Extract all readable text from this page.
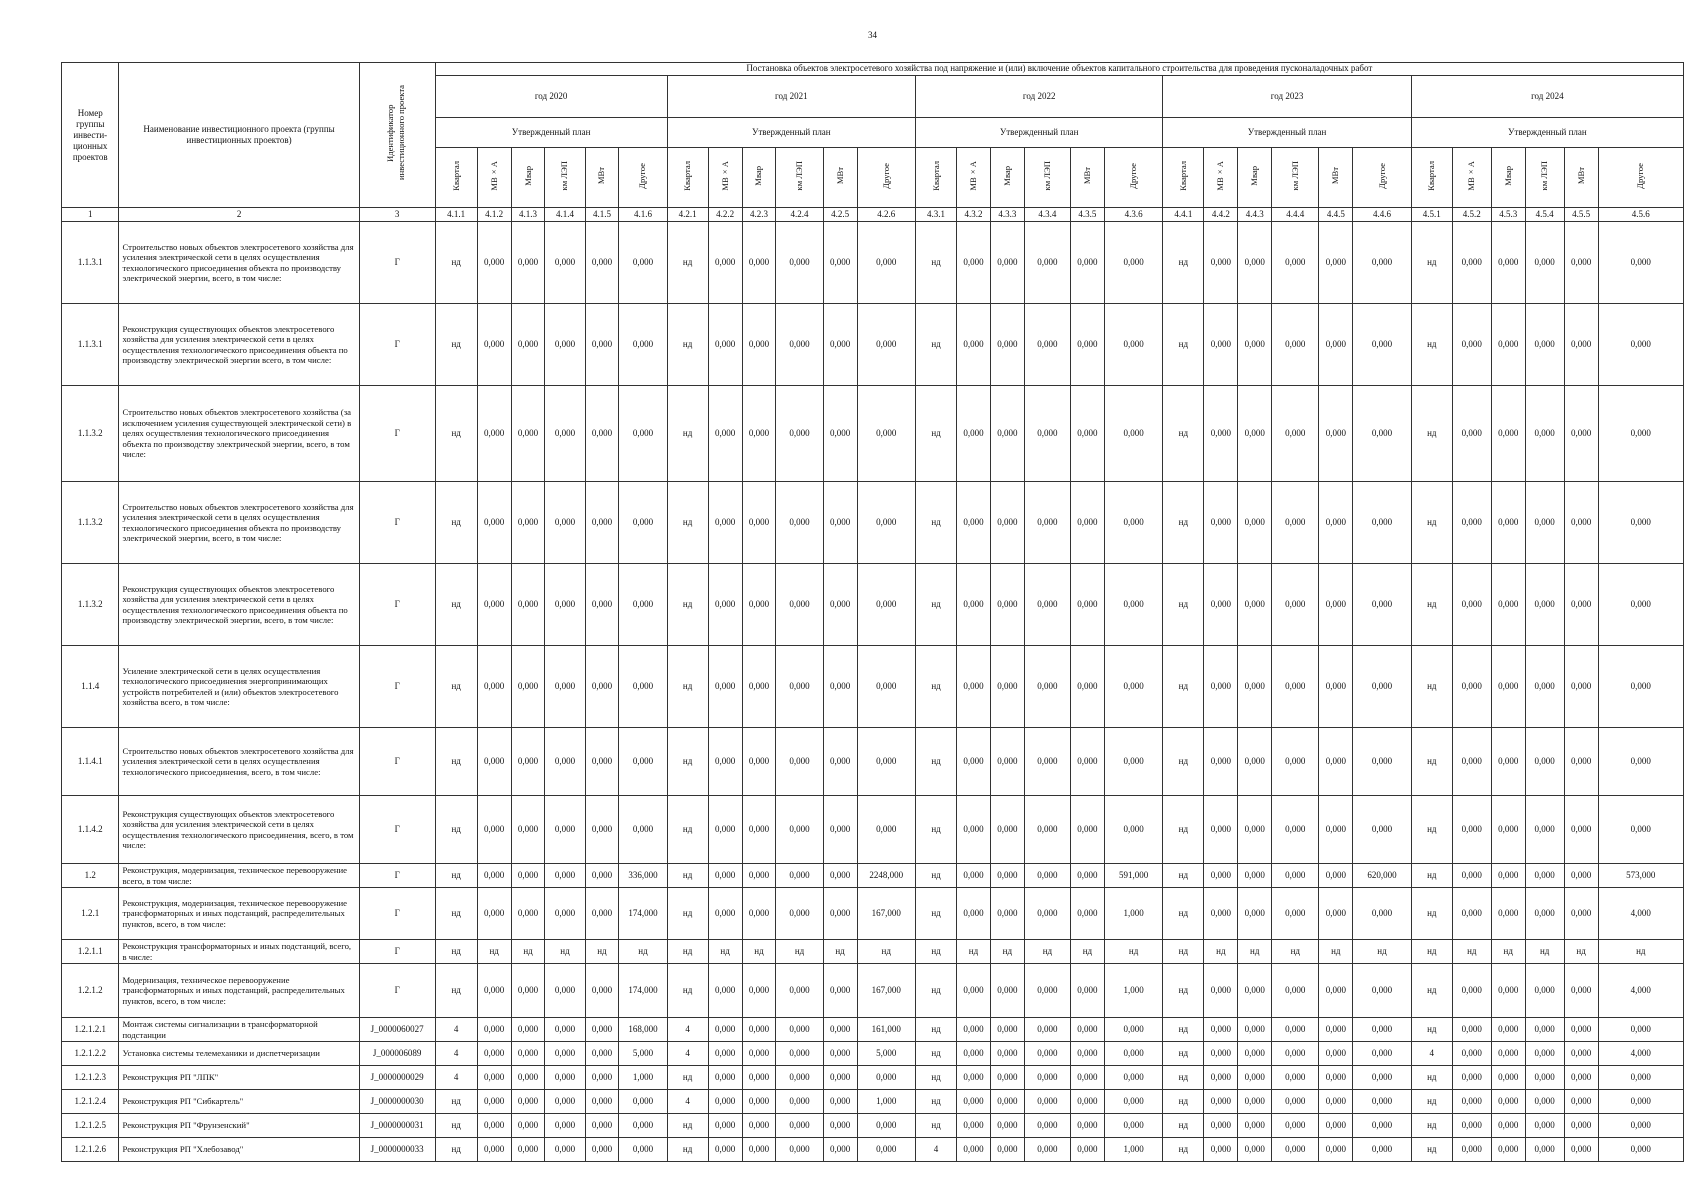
34
Номер группы инвести-ционных проектов	Наименование инвестиционного проекта (группы инвестиционных проектов)	Идентификатор инвестиционного проекта	Постановка объектов электросетевого хозяйства под напряжение и (или) включение объектов капитального строительства для проведения пусконаладочных работ																													
			год 2020						год 2021						год 2022						год 2023						год 2024					
			Утвержденный план						Утвержденный план						Утвержденный план						Утвержденный план						Утвержденный план					
			Квартал	МВ×А	Мвар	км ЛЭП	МВт	Другое	Квартал	МВ×А	Мвар	км ЛЭП	МВт	Другое	Квартал	МВ×А	Мвар	км ЛЭП	МВт	Другое	Квартал	МВ×А	Мвар	км ЛЭП	МВт	Другое	Квартал	МВ×А	Мвар	км ЛЭП	МВт	Другое
1	2	3	4.1.1	4.1.2	4.1.3	4.1.4	4.1.5	4.1.6	4.2.1	4.2.2	4.2.3	4.2.4	4.2.5	4.2.6	4.3.1	4.3.2	4.3.3	4.3.4	4.3.5	4.3.6	4.4.1	4.4.2	4.4.3	4.4.4	4.4.5	4.4.6	4.5.1	4.5.2	4.5.3	4.5.4	4.5.5	4.5.6
1.1.3.1	Строительство новых объектов электросетевого хозяйства для усиления электрической сети в целях осуществления технологического присоединения объекта по производству электрической энергии, всего, в том числе:	Г	нд	0,000	0,000	0,000	0,000	0,000	нд	0,000	0,000	0,000	0,000	0,000	нд	0,000	0,000	0,000	0,000	0,000	нд	0,000	0,000	0,000	0,000	0,000	нд	0,000	0,000	0,000	0,000	0,000
1.1.3.1	Реконструкция существующих объектов электросетевого хозяйства для усиления электрической сети в целях осуществления технологического присоединения объекта по производству электрической энергии всего, в том числе:	Г	нд	0,000	0,000	0,000	0,000	0,000	нд	0,000	0,000	0,000	0,000	0,000	нд	0,000	0,000	0,000	0,000	0,000	нд	0,000	0,000	0,000	0,000	0,000	нд	0,000	0,000	0,000	0,000	0,000
1.1.3.2	Строительство новых объектов электросетевого хозяйства (за исключением усиления существующей электрической сети) в целях осуществления технологического присоединения объекта по производству электрической энергии, всего, в том числе:	Г	нд	0,000	0,000	0,000	0,000	0,000	нд	0,000	0,000	0,000	0,000	0,000	нд	0,000	0,000	0,000	0,000	0,000	нд	0,000	0,000	0,000	0,000	0,000	нд	0,000	0,000	0,000	0,000	0,000
1.1.3.2	Строительство новых объектов электросетевого хозяйства для усиления электрической сети в целях осуществления технологического присоединения объекта по производству электрической энергии, всего, в том числе:	Г	нд	0,000	0,000	0,000	0,000	0,000	нд	0,000	0,000	0,000	0,000	0,000	нд	0,000	0,000	0,000	0,000	0,000	нд	0,000	0,000	0,000	0,000	0,000	нд	0,000	0,000	0,000	0,000	0,000
1.1.3.2	Реконструкция существующих объектов электросетевого хозяйства для усиления электрической сети в целях осуществления технологического присоединения объекта по производству электрической энергии, всего, в том числе:	Г	нд	0,000	0,000	0,000	0,000	0,000	нд	0,000	0,000	0,000	0,000	0,000	нд	0,000	0,000	0,000	0,000	0,000	нд	0,000	0,000	0,000	0,000	0,000	нд	0,000	0,000	0,000	0,000	0,000
1.1.4	Усиление электрической сети в целях осуществления технологического присоединения энергопринимающих устройств потребителей и (или) объектов электросетевого хозяйства всего, в том числе:	Г	нд	0,000	0,000	0,000	0,000	0,000	нд	0,000	0,000	0,000	0,000	0,000	нд	0,000	0,000	0,000	0,000	0,000	нд	0,000	0,000	0,000	0,000	0,000	нд	0,000	0,000	0,000	0,000	0,000
1.1.4.1	Строительство новых объектов электросетевого хозяйства для усиления электрической сети в целях осуществления технологического присоединения, всего, в том числе:	Г	нд	0,000	0,000	0,000	0,000	0,000	нд	0,000	0,000	0,000	0,000	0,000	нд	0,000	0,000	0,000	0,000	0,000	нд	0,000	0,000	0,000	0,000	0,000	нд	0,000	0,000	0,000	0,000	0,000
1.1.4.2	Реконструкция существующих объектов электросетевого хозяйства для усиления электрической сети в целях осуществления технологического присоединения, всего, в том числе:	Г	нд	0,000	0,000	0,000	0,000	0,000	нд	0,000	0,000	0,000	0,000	0,000	нд	0,000	0,000	0,000	0,000	0,000	нд	0,000	0,000	0,000	0,000	0,000	нд	0,000	0,000	0,000	0,000	0,000
1.2	Реконструкция, модернизация, техническое перевооружение всего, в том числе:	Г	нд	0,000	0,000	0,000	0,000	336,000	нд	0,000	0,000	0,000	0,000	2248,000	нд	0,000	0,000	0,000	0,000	591,000	нд	0,000	0,000	0,000	0,000	620,000	нд	0,000	0,000	0,000	0,000	573,000
1.2.1	Реконструкция, модернизация, техническое перевооружение трансформаторных и иных подстанций, распределительных пунктов, всего, в том числе:	Г	нд	0,000	0,000	0,000	0,000	174,000	нд	0,000	0,000	0,000	0,000	167,000	нд	0,000	0,000	0,000	0,000	1,000	нд	0,000	0,000	0,000	0,000	0,000	нд	0,000	0,000	0,000	0,000	4,000
1.2.1.1	Реконструкция трансформаторных и иных подстанций, всего, в числе:	Г	нд	нд	нд	нд	нд	нд	нд	нд	нд	нд	нд	нд	нд	нд	нд	нд	нд	нд	нд	нд	нд	нд	нд	нд	нд	нд	нд	нд	нд	нд
1.2.1.2	Модернизация, техническое перевооружение трансформаторных и иных подстанций, распределительных пунктов, всего, в том числе:	Г	нд	0,000	0,000	0,000	0,000	174,000	нд	0,000	0,000	0,000	0,000	167,000	нд	0,000	0,000	0,000	0,000	1,000	нд	0,000	0,000	0,000	0,000	0,000	нд	0,000	0,000	0,000	0,000	4,000
1.2.1.2.1	Монтаж системы сигнализации в трансформаторной подстанции	J_0000060027	4	0,000	0,000	0,000	0,000	168,000	4	0,000	0,000	0,000	0,000	161,000	нд	0,000	0,000	0,000	0,000	0,000	нд	0,000	0,000	0,000	0,000	0,000	нд	0,000	0,000	0,000	0,000	0,000
1.2.1.2.2	Установка системы телемеханики и диспетчеризации	J_000006089	4	0,000	0,000	0,000	0,000	5,000	4	0,000	0,000	0,000	0,000	5,000	нд	0,000	0,000	0,000	0,000	0,000	нд	0,000	0,000	0,000	0,000	0,000	4	0,000	0,000	0,000	0,000	4,000
1.2.1.2.3	Реконструкция РП "ЛПК"	J_0000000029	4	0,000	0,000	0,000	0,000	1,000	нд	0,000	0,000	0,000	0,000	0,000	нд	0,000	0,000	0,000	0,000	0,000	нд	0,000	0,000	0,000	0,000	0,000	нд	0,000	0,000	0,000	0,000	0,000
1.2.1.2.4	Реконструкция РП "Сибкартель"	J_0000000030	нд	0,000	0,000	0,000	0,000	0,000	4	0,000	0,000	0,000	0,000	1,000	нд	0,000	0,000	0,000	0,000	0,000	нд	0,000	0,000	0,000	0,000	0,000	нд	0,000	0,000	0,000	0,000	0,000
1.2.1.2.5	Реконструкция РП "Фрунзенский"	J_0000000031	нд	0,000	0,000	0,000	0,000	0,000	нд	0,000	0,000	0,000	0,000	0,000	нд	0,000	0,000	0,000	0,000	0,000	нд	0,000	0,000	0,000	0,000	0,000	нд	0,000	0,000	0,000	0,000	0,000
1.2.1.2.6	Реконструкция РП "Хлебозавод"	J_0000000033	нд	0,000	0,000	0,000	0,000	0,000	нд	0,000	0,000	0,000	0,000	0,000	4	0,000	0,000	0,000	0,000	1,000	нд	0,000	0,000	0,000	0,000	0,000	нд	0,000	0,000	0,000	0,000	0,000
